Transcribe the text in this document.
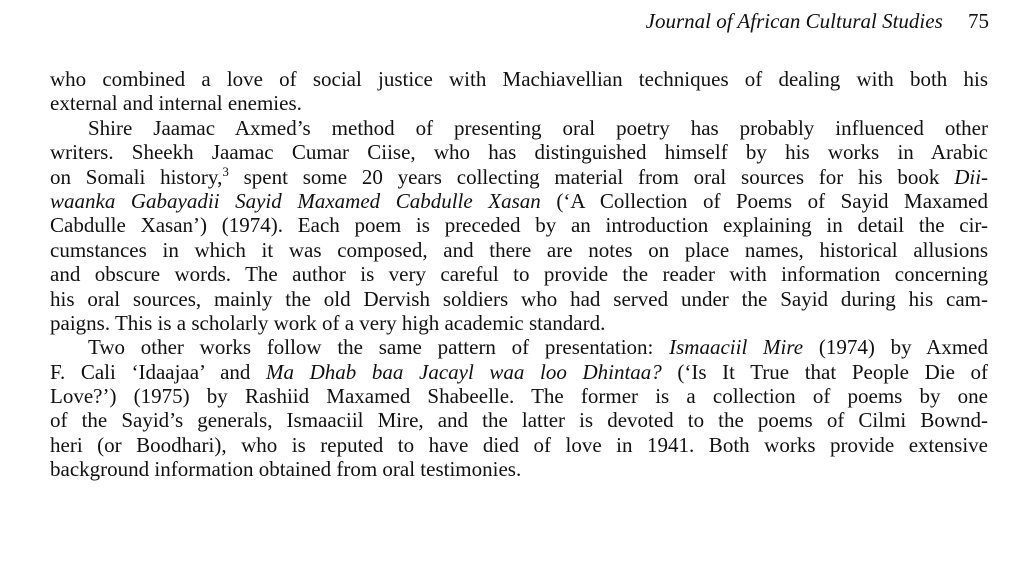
Journal of African Cultural Studies 75
who combined a love of social justice with Machiavellian techniques of dealing with both his
external and internal enemies.
Shire Jaamac Axmed’s method of presenting oral poetry has probably influenced other
writers. Sheekh Jaamac Cumar Ciise, who has distinguished himself by his works in Arabic
on Somali history,$^3$ spent some 20 years collecting material from oral sources for his book Dii-
waanka Gabayadii Sayid Maxamed Cabdulle Xasan (‘A Collection of Poems of Sayid Maxamed
Cabdulle Xasan’) (1974). Each poem is preceded by an introduction explaining in detail the cir-
cumstances in which it was composed, and there are notes on place names, historical allusions
and obscure words. The author is very careful to provide the reader with information concerning
his oral sources, mainly the old Dervish soldiers who had served under the Sayid during his cam-
paigns. This is a scholarly work of a very high academic standard.
Two other works follow the same pattern of presentation: Ismaaciil Mire (1974) by Axmed
F. Cali ‘Idaajaa’ and Ma Dhab baa Jacayl waa loo Dhintaa? (‘Is It True that People Die of
Love?’) (1975) by Rashiid Maxamed Shabeelle. The former is a collection of poems by one
of the Sayid’s generals, Ismaaciil Mire, and the latter is devoted to the poems of Cilmi Bownd-
heri (or Boodhari), who is reputed to have died of love in 1941. Both works provide extensive
background information obtained from oral testimonies.
